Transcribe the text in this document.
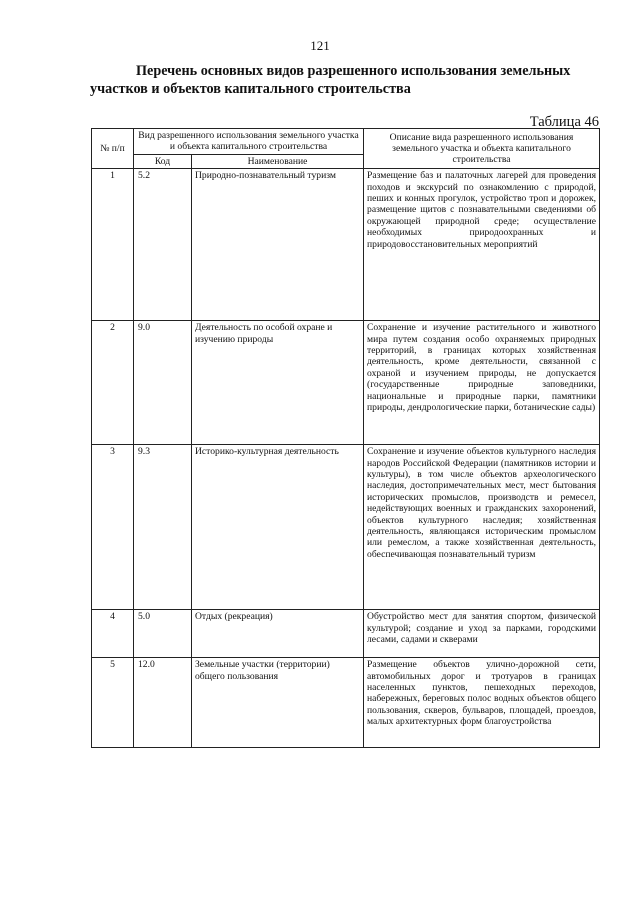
121
Перечень основных видов разрешенного использования земельных участков и объектов капитального строительства
Таблица 46
№ п/п	Вид разрешенного использования земельного участка и объекта капитального строительства		Описание вида разрешенного использования земельного участка и объекта капитального строительства
	Код	Наименование	
1	5.2	Природно-познавательный туризм	Размещение баз и палаточных лагерей для проведения походов и экскурсий по ознакомлению с природой, пеших и конных прогулок, устройство троп и дорожек, размещение щитов с познавательными сведениями об окружающей природной среде; осуществление необходимых природоохранных и природовосстановительных мероприятий
2	9.0	Деятельность по особой охране и изучению природы	Сохранение и изучение растительного и животного мира путем создания особо охраняемых природных территорий, в границах которых хозяйственная деятельность, кроме деятельности, связанной с охраной и изучением природы, не допускается (государственные природные заповедники, национальные и природные парки, памятники природы, дендрологические парки, ботанические сады)
3	9.3	Историко-культурная деятельность	Сохранение и изучение объектов культурного наследия народов Российской Федерации (памятников истории и культуры), в том числе объектов археологического наследия, достопримечательных мест, мест бытования исторических промыслов, производств и ремесел, недействующих военных и гражданских захоронений, объектов культурного наследия; хозяйственная деятельность, являющаяся историческим промыслом или ремеслом, а также хозяйственная деятельность, обеспечивающая познавательный туризм
4	5.0	Отдых (рекреация)	Обустройство мест для занятия спортом, физической культурой; создание и уход за парками, городскими лесами, садами и скверами
5	12.0	Земельные участки (территории) общего пользования	Размещение объектов улично-дорожной сети, автомобильных дорог и тротуаров в границах населенных пунктов, пешеходных переходов, набережных, береговых полос водных объектов общего пользования, скверов, бульваров, площадей, проездов, малых архитектурных форм благоустройства
